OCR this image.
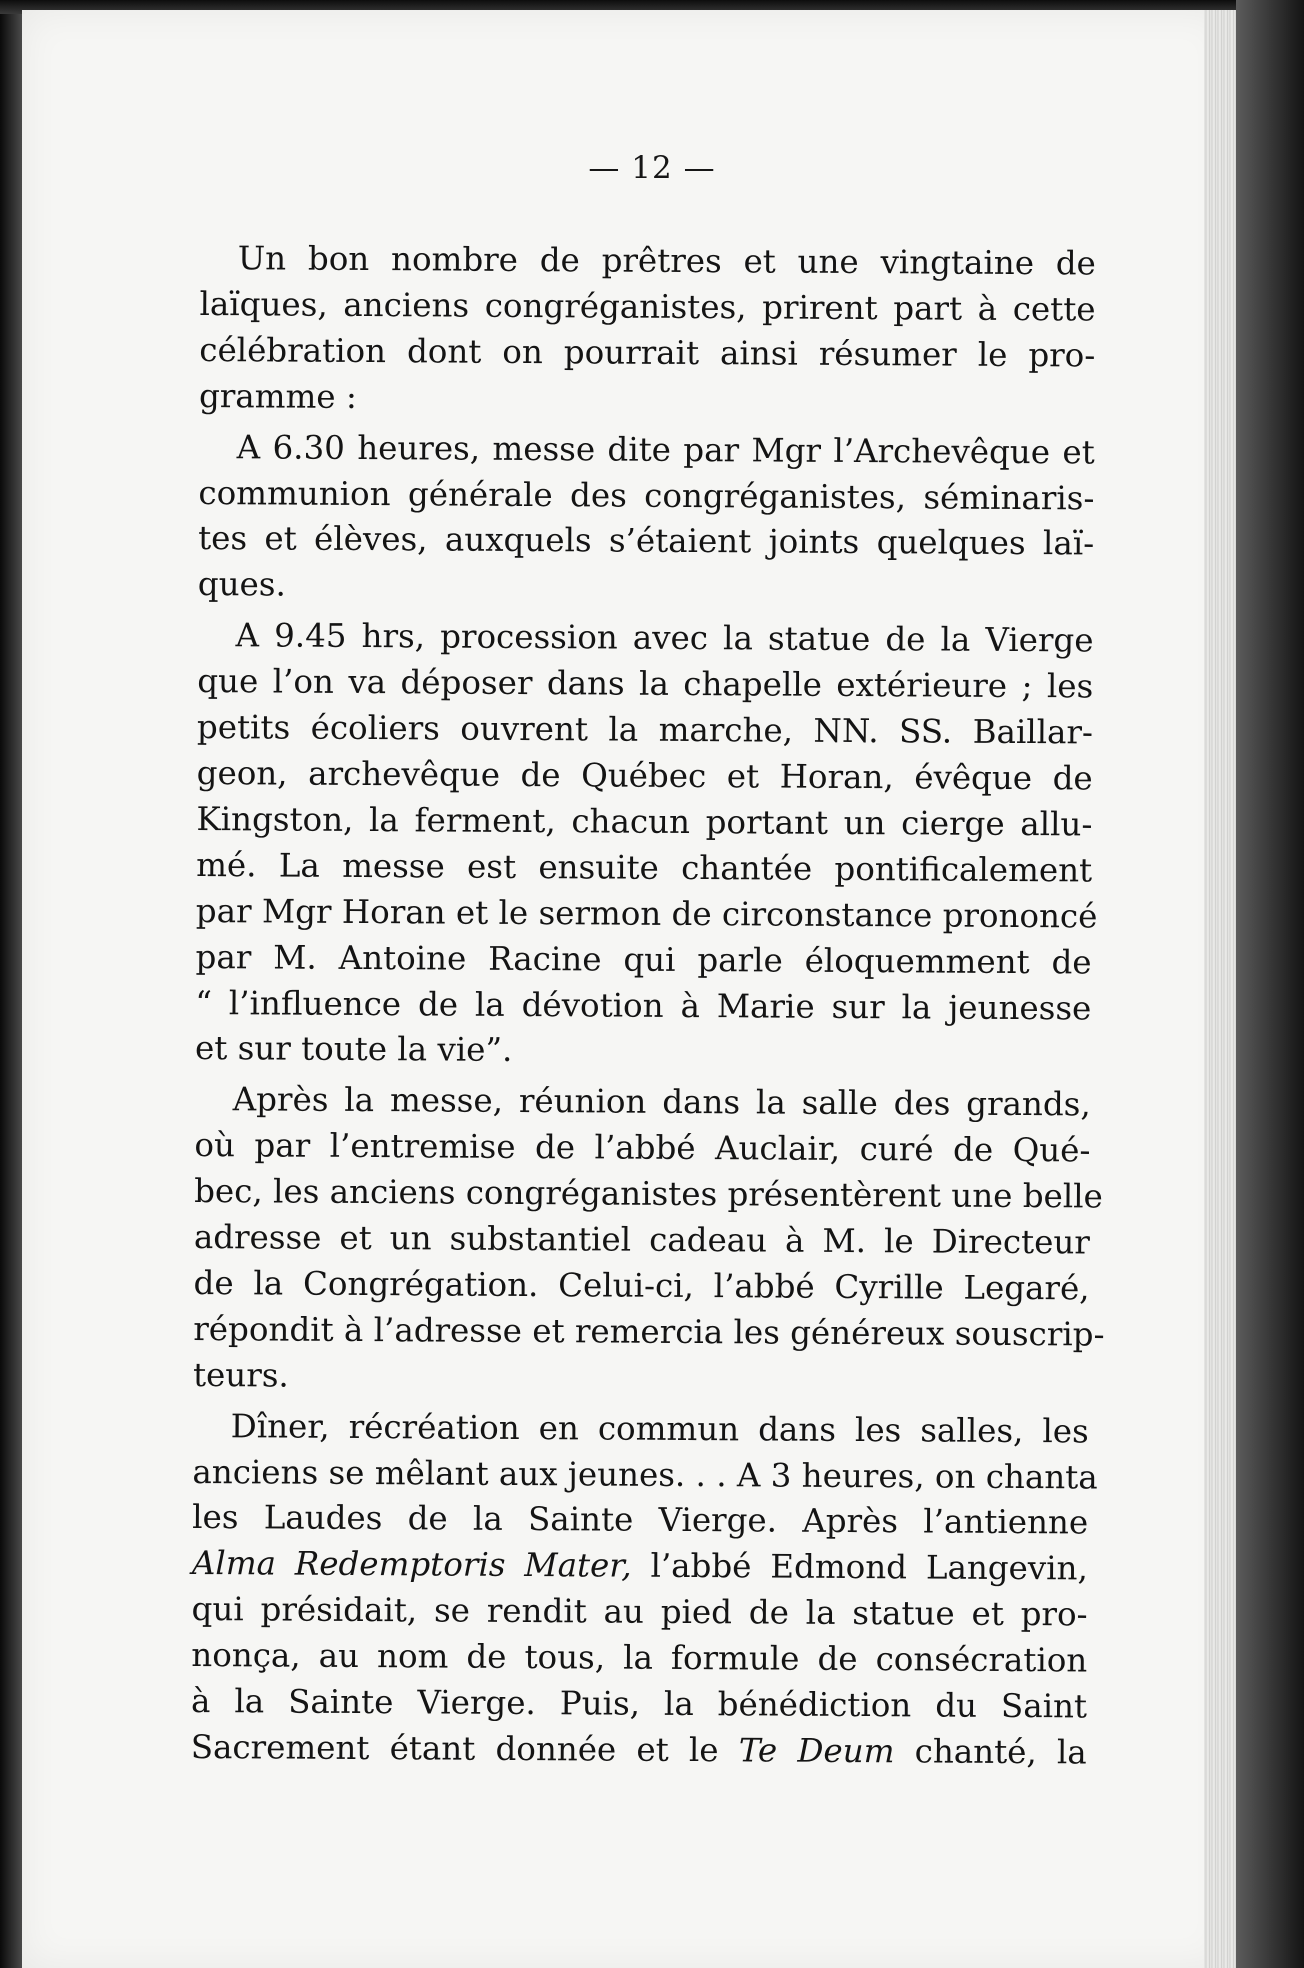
— 12 —

Un bon nombre de prêtres et une vingtaine de
laïques, anciens congréganistes, prirent part à cette
célébration dont on pourrait ainsi résumer le pro-
gramme :

A 6.30 heures, messe dite par Mgr l’Archevêque et
communion générale des congréganistes, séminaris-
tes et élèves, auxquels s’étaient joints quelques laï-
ques.

A 9.45 hrs, procession avec la statue de la Vierge
que l’on va déposer dans la chapelle extérieure ; les
petits écoliers ouvrent la marche, NN. SS. Baillar-
geon, archevêque de Québec et Horan, évêque de
Kingston, la ferment, chacun portant un cierge allu-
mé. La messe est ensuite chantée pontificalement
par Mgr Horan et le sermon de circonstance prononcé
par M. Antoine Racine qui parle éloquemment de
“ l’influence de la dévotion à Marie sur la jeunesse
et sur toute la vie”.

Après la messe, réunion dans la salle des grands,
où par l’entremise de l’abbé Auclair, curé de Qué-
bec, les anciens congréganistes présentèrent une belle
adresse et un substantiel cadeau à M. le Directeur
de la Congrégation. Celui-ci, l’abbé Cyrille Legaré,
répondit à l’adresse et remercia les généreux souscrip-
teurs.

Dîner, récréation en commun dans les salles, les
anciens se mêlant aux jeunes. . . A 3 heures, on chanta
les Laudes de la Sainte Vierge. Après l’antienne
Alma Redemptoris Mater, l’abbé Edmond Langevin,
qui présidait, se rendit au pied de la statue et pro-
nonça, au nom de tous, la formule de consécration
à la Sainte Vierge. Puis, la bénédiction du Saint
Sacrement étant donnée et le Te Deum chanté, la
